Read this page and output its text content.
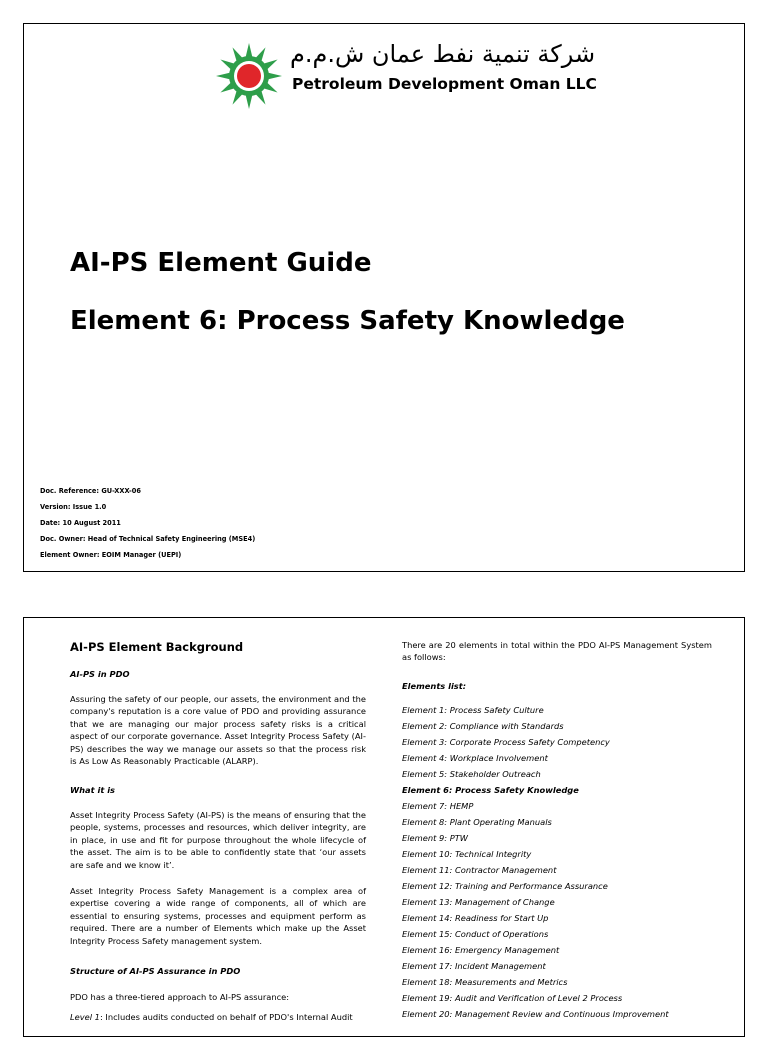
شركة تنمية نفط عمان ش.م.م
Petroleum Development Oman LLC
AI-PS Element Guide
Element 6: Process Safety Knowledge
Doc. Reference: GU-XXX-06
Version: Issue 1.0
Date: 10 August 2011
Doc. Owner: Head of Technical Safety Engineering (MSE4)
Element Owner: EOIM Manager (UEPI)
AI-PS Element Background
AI-PS in PDO
Assuring the safety of our people, our assets, the environment and the company's reputation is a core value of PDO and providing assurance that we are managing our major process safety risks is a critical aspect of our corporate governance. Asset Integrity Process Safety (AI-PS) describes the way we manage our assets so that the process risk is As Low As Reasonably Practicable (ALARP).
What it is
Asset Integrity Process Safety (AI-PS) is the means of ensuring that the people, systems, processes and resources, which deliver integrity, are in place, in use and fit for purpose throughout the whole lifecycle of the asset. The aim is to be able to confidently state that ‘our assets are safe and we know it’.
Asset Integrity Process Safety Management is a complex area of expertise covering a wide range of components, all of which are essential to ensuring systems, processes and equipment perform as required. There are a number of Elements which make up the Asset Integrity Process Safety management system.
Structure of AI-PS Assurance in PDO
PDO has a three-tiered approach to AI-PS assurance:
Level 1: Includes audits conducted on behalf of PDO's Internal Audit
There are 20 elements in total within the PDO AI-PS Management System as follows:
Elements list:
Element 1: Process Safety Culture
Element 2: Compliance with Standards
Element 3: Corporate Process Safety Competency
Element 4: Workplace Involvement
Element 5: Stakeholder Outreach
Element 6: Process Safety Knowledge
Element 7: HEMP
Element 8: Plant Operating Manuals
Element 9: PTW
Element 10: Technical Integrity
Element 11: Contractor Management
Element 12: Training and Performance Assurance
Element 13: Management of Change
Element 14: Readiness for Start Up
Element 15: Conduct of Operations
Element 16: Emergency Management
Element 17: Incident Management
Element 18: Measurements and Metrics
Element 19: Audit and Verification of Level 2 Process
Element 20: Management Review and Continuous Improvement
